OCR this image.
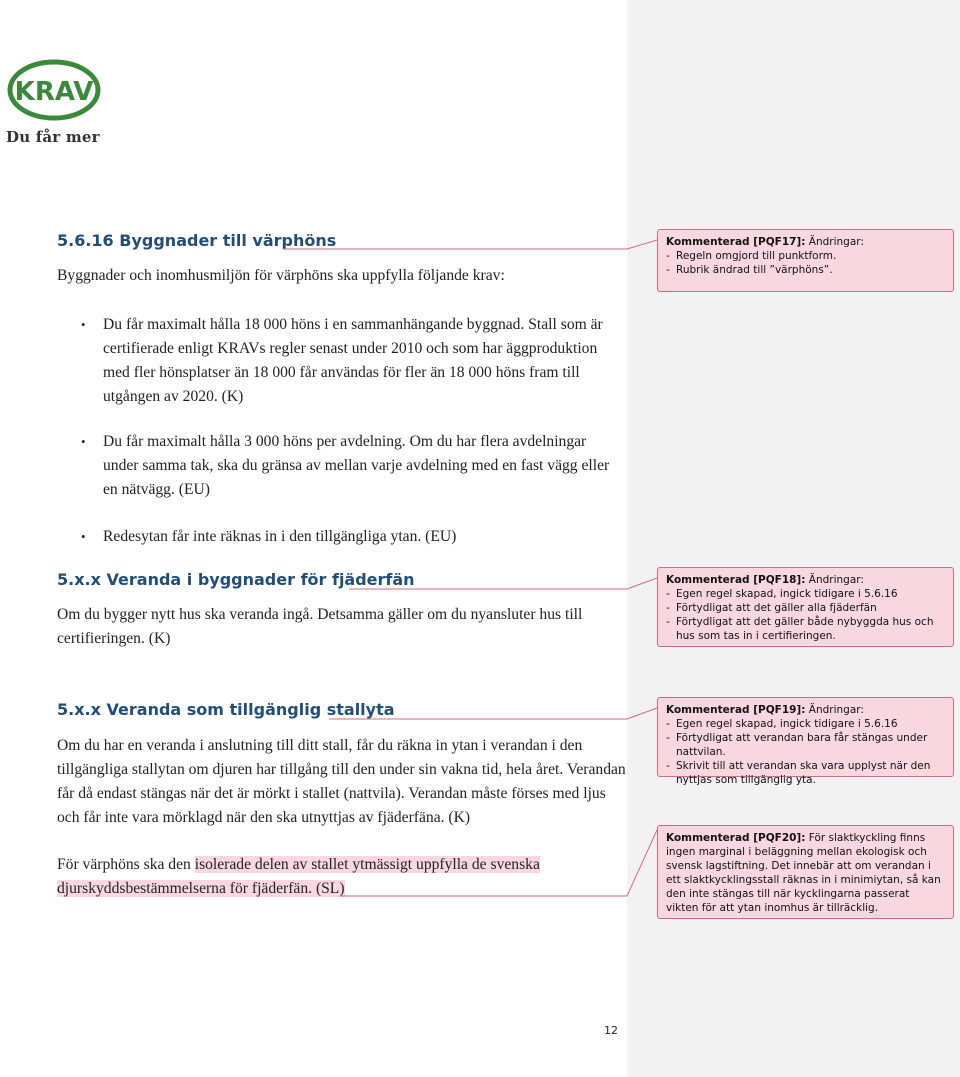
KRAV
Du får mer
5.6.16 Byggnader till värphöns
Byggnader och inomhusmiljön för värphöns ska uppfylla följande krav:
•	Du får maximalt hålla 18 000 höns i en sammanhängande byggnad. Stall som är certifierade enligt KRAVs regler senast under 2010 och som har äggproduktion med fler hönsplatser än 18 000 får användas för fler än 18 000 höns fram till utgången av 2020. (K)
•	Du får maximalt hålla 3 000 höns per avdelning. Om du har flera avdelningar under samma tak, ska du gränsa av mellan varje avdelning med en fast vägg eller en nätvägg. (EU)
•	Redesytan får inte räknas in i den tillgängliga ytan. (EU)
5.x.x Veranda i byggnader för fjäderfän
Om du bygger nytt hus ska veranda ingå. Detsamma gäller om du nyansluter hus till certifieringen. (K)
5.x.x Veranda som tillgänglig stallyta
Om du har en veranda i anslutning till ditt stall, får du räkna in ytan i verandan i den tillgängliga stallytan om djuren har tillgång till den under sin vakna tid, hela året. Verandan får då endast stängas när det är mörkt i stallet (nattvila). Verandan måste förses med ljus och får inte vara mörklagd när den ska utnyttjas av fjäderfäna. (K)
För värphöns ska den isolerade delen av stallet ytmässigt uppfylla de svenska djurskyddsbestämmelserna för fjäderfän. (SL)
Kommenterad [PQF17]: Ändringar:
- Regeln omgjord till punktform.
- Rubrik ändrad till ”värphöns”.
Kommenterad [PQF18]: Ändringar:
- Egen regel skapad, ingick tidigare i 5.6.16
- Förtydligat att det gäller alla fjäderfän
- Förtydligat att det gäller både nybyggda hus och hus som tas in i certifieringen.
Kommenterad [PQF19]: Ändringar:
- Egen regel skapad, ingick tidigare i 5.6.16
- Förtydligat att verandan bara får stängas under nattvilan.
- Skrivit till att verandan ska vara upplyst när den nyttjas som tillgänglig yta.
Kommenterad [PQF20]: För slaktkyckling finns ingen marginal i beläggning mellan ekologisk och svensk lagstiftning. Det innebär att om verandan i ett slaktkycklingsstall räknas in i minimiytan, så kan den inte stängas till när kycklingarna passerat vikten för att ytan inomhus är tillräcklig.
12
